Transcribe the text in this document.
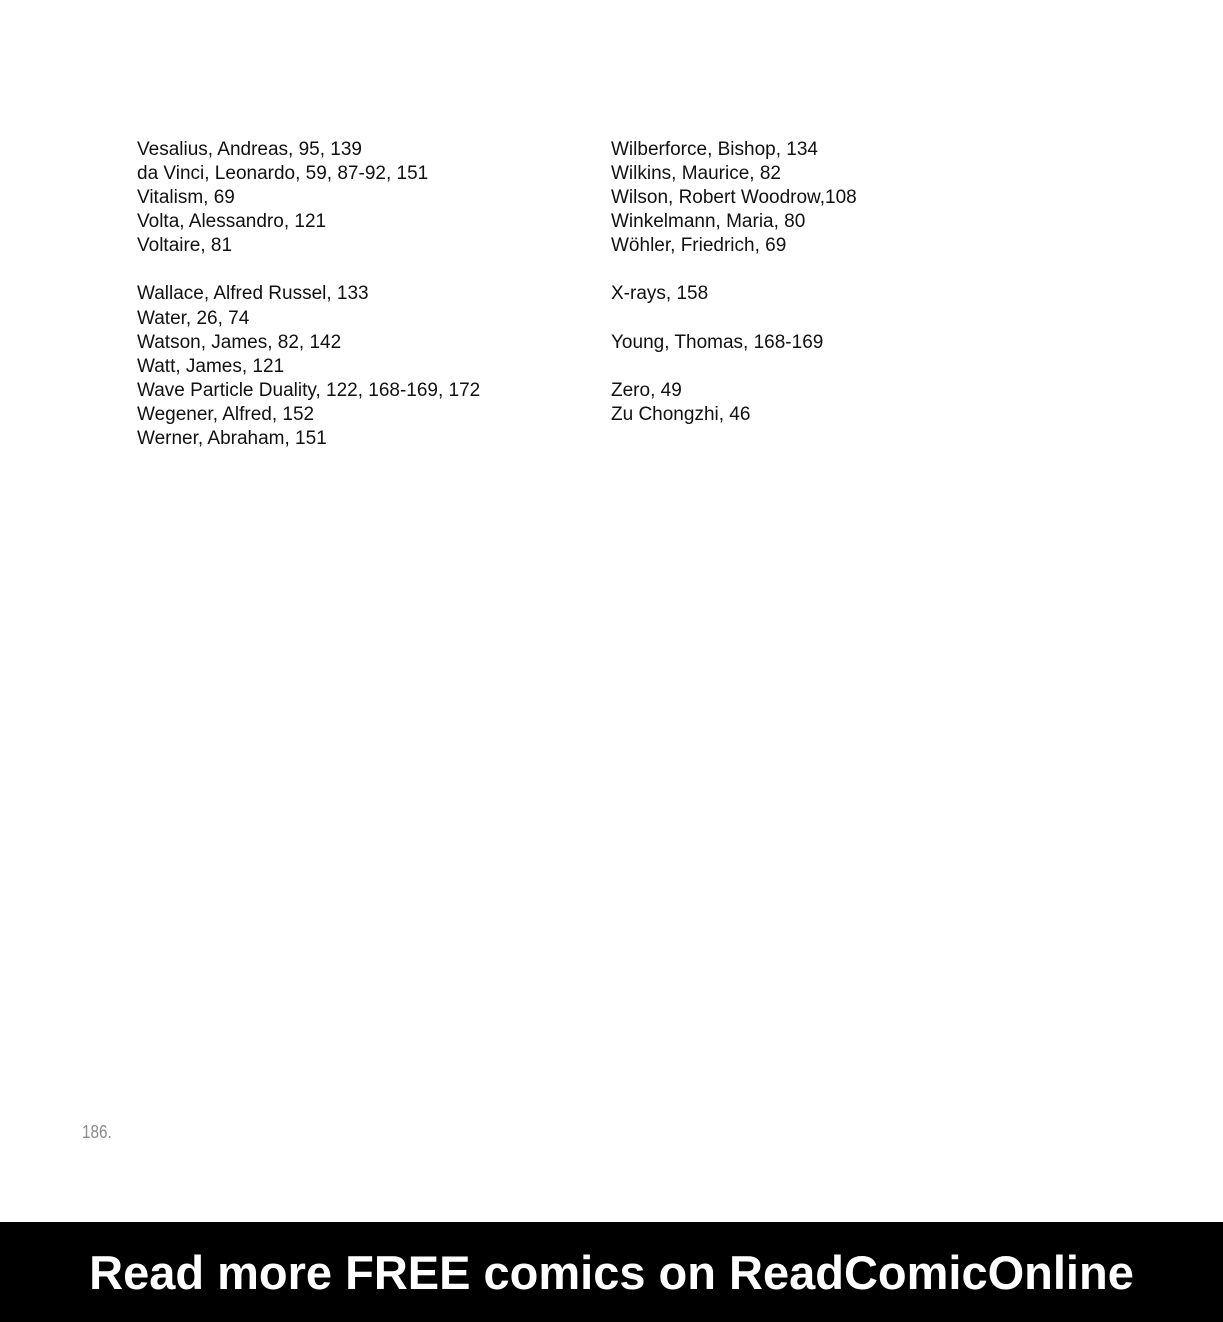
Vesalius, Andreas, 95, 139
da Vinci, Leonardo, 59, 87-92, 151
Vitalism, 69
Volta, Alessandro, 121
Voltaire, 81
Wallace, Alfred Russel, 133
Water, 26, 74
Watson, James, 82, 142
Watt, James, 121
Wave Particle Duality, 122, 168-169, 172
Wegener, Alfred, 152
Werner, Abraham, 151
Wilberforce, Bishop, 134
Wilkins, Maurice, 82
Wilson, Robert Woodrow,108
Winkelmann, Maria, 80
Wöhler, Friedrich, 69
X-rays, 158
Young, Thomas, 168-169
Zero, 49
Zu Chongzhi, 46
186.
Read more FREE comics on ReadComicOnline
